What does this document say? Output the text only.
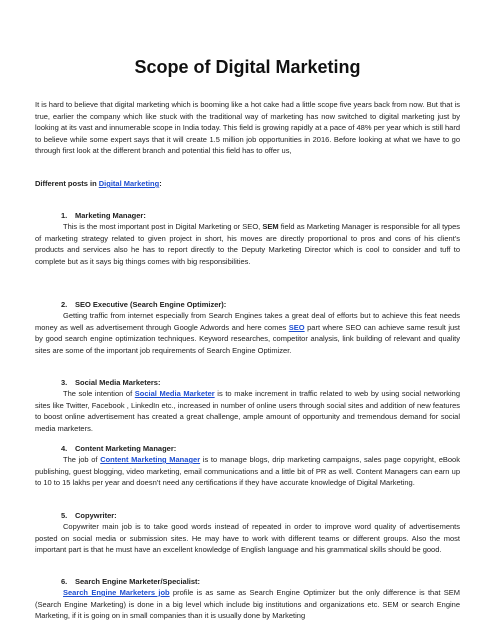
Scope of Digital Marketing

It is hard to believe that digital marketing which is booming like a hot cake had a little scope five years back from now. But that is true, earlier the company which like stuck with the traditional way of marketing has now switched to digital marketing just by looking at its vast and innumerable scope in India today. This field is growing rapidly at a pace of 48% per year which is still hard to believe while some expert says that it will create 1.5 million job opportunities in 2016. Before looking at what we have to go through first look at the different branch and potential this field has to offer us,

Different posts in Digital Marketing:

1. Marketing Manager:

This is the most important post in Digital Marketing or SEO, SEM field as Marketing Manager is responsible for all types of marketing strategy related to given project in short, his moves are directly proportional to pros and cons of his client's products and services also he has to report directly to the Deputy Marketing Director which is cool to consider and tuff to complete but as it says big things comes with big responsibilities.

2. SEO Executive (Search Engine Optimizer):

Getting traffic from internet especially from Search Engines takes a great deal of efforts but to achieve this feat needs money as well as advertisement through Google Adwords and here comes SEO part where SEO can achieve same result just by good search engine optimization techniques. Keyword researches, competitor analysis, link building of relevant and quality sites are some of the important job requirements of Search Engine Optimizer.

3. Social Media Marketers:

The sole intention of Social Media Marketer is to make increment in traffic related to web by using social networking sites like Twitter, Facebook , LinkedIn etc., increased in number of online users through social sites and addition of new features to boost online advertisement has created a great challenge, ample amount of opportunity and tremendous demand for social media marketers.

4. Content Marketing Manager:

The job of Content Marketing Manager is to manage blogs, drip marketing campaigns, sales page copyright, eBook publishing, guest blogging, video marketing, email communications and a little bit of PR as well. Content Managers can earn up to 10 to 15 lakhs per year and doesn’t need any certifications if they have accurate knowledge of Digital Marketing.

5. Copywriter:

Copywriter main job is to take good words instead of repeated in order to improve word quality of advertisements posted on social media or submission sites. He may have to work with different teams or different groups. Also the most important part is that he must have an excellent knowledge of English language and his grammatical skills should be good.

6. Search Engine Marketer/Specialist:

Search Engine Marketers job profile is as same as Search Engine Optimizer but the only difference is that SEM (Search Engine Marketing) is done in a big level which include big institutions and organizations etc. SEM or search Engine Marketing, if it is going on in small companies than it is usually done by Marketing
